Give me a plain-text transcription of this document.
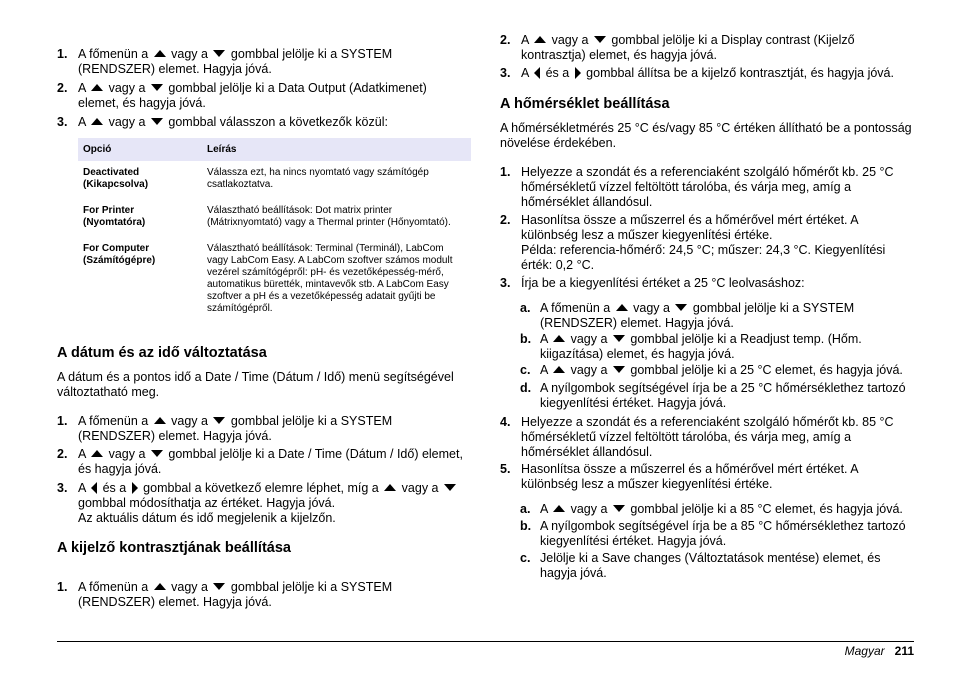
1. A főmenün a  vagy a  gombbal jelölje ki a SYSTEM (RENDSZER) elemet. Hagyja jóvá.
2. A  vagy a  gombbal jelölje ki a Data Output (Adatkimenet) elemet, és hagyja jóvá.
3. A  vagy a  gombbal válasszon a következők közül:
Opció	Leírás
Deactivated (Kikapcsolva)	Válassza ezt, ha nincs nyomtató vagy számítógép csatlakoztatva.
For Printer (Nyomtatóra)	Választható beállítások: Dot matrix printer (Mátrixnyomtató) vagy a Thermal printer (Hőnyomtató).
For Computer (Számítógépre)	Választható beállítások: Terminal (Terminál), LabCom vagy LabCom Easy. A LabCom szoftver számos modult vezérel számítógépről: pH- és vezetőképesség-mérő, automatikus bürették, mintavevők stb. A LabCom Easy szoftver a pH és a vezetőképesség adatait gyűjti be számítógépről.
A dátum és az idő változtatása

A dátum és a pontos idő a Date / Time (Dátum / Idő) menü segítségével változtatható meg.

1. A főmenün a  vagy a  gombbal jelölje ki a SYSTEM (RENDSZER) elemet. Hagyja jóvá.
2. A  vagy a  gombbal jelölje ki a Date / Time (Dátum / Idő) elemet, és hagyja jóvá.
3. A  és a  gombbal a következő elemre léphet, míg a  vagy a  gombbal módosíthatja az értéket. Hagyja jóvá.
Az aktuális dátum és idő megjelenik a kijelzőn.
A kijelző kontrasztjának beállítása
1. A főmenün a  vagy a  gombbal jelölje ki a SYSTEM (RENDSZER) elemet. Hagyja jóvá.
2. A  vagy a  gombbal jelölje ki a Display contrast (Kijelző kontrasztja) elemet, és hagyja jóvá.
3. A  és a  gombbal állítsa be a kijelző kontrasztját, és hagyja jóvá.
A hőmérséklet beállítása

A hőmérsékletmérés 25 °C és/vagy 85 °C értéken állítható be a pontosság növelése érdekében.

1. Helyezze a szondát és a referenciaként szolgáló hőmérőt kb. 25 °C hőmérsékletű vízzel feltöltött tárolóba, és várja meg, amíg a hőmérséklet állandósul.
2. Hasonlítsa össze a műszerrel és a hőmérővel mért értéket. A különbség lesz a műszer kiegyenlítési értéke.
Példa: referencia-hőmérő: 24,5 °C; műszer: 24,3 °C. Kiegyenlítési érték: 0,2 °C.
3. Írja be a kiegyenlítési értéket a 25 °C leolvasáshoz:
a. A főmenün a  vagy a  gombbal jelölje ki a SYSTEM (RENDSZER) elemet. Hagyja jóvá.
b. A  vagy a  gombbal jelölje ki a Readjust temp. (Hőm. kiigazítása) elemet, és hagyja jóvá.
c. A  vagy a  gombbal jelölje ki a 25 °C elemet, és hagyja jóvá.
d. A nyílgombok segítségével írja be a 25 °C hőmérséklethez tartozó kiegyenlítési értéket. Hagyja jóvá.
4. Helyezze a szondát és a referenciaként szolgáló hőmérőt kb. 85 °C hőmérsékletű vízzel feltöltött tárolóba, és várja meg, amíg a hőmérséklet állandósul.
5. Hasonlítsa össze a műszerrel és a hőmérővel mért értéket. A különbség lesz a műszer kiegyenlítési értéke.
a. A  vagy a  gombbal jelölje ki a 85 °C elemet, és hagyja jóvá.
b. A nyílgombok segítségével írja be a 85 °C hőmérséklethez tartozó kiegyenlítési értéket. Hagyja jóvá.
c. Jelölje ki a Save changes (Változtatások mentése) elemet, és hagyja jóvá.
Magyar 211
